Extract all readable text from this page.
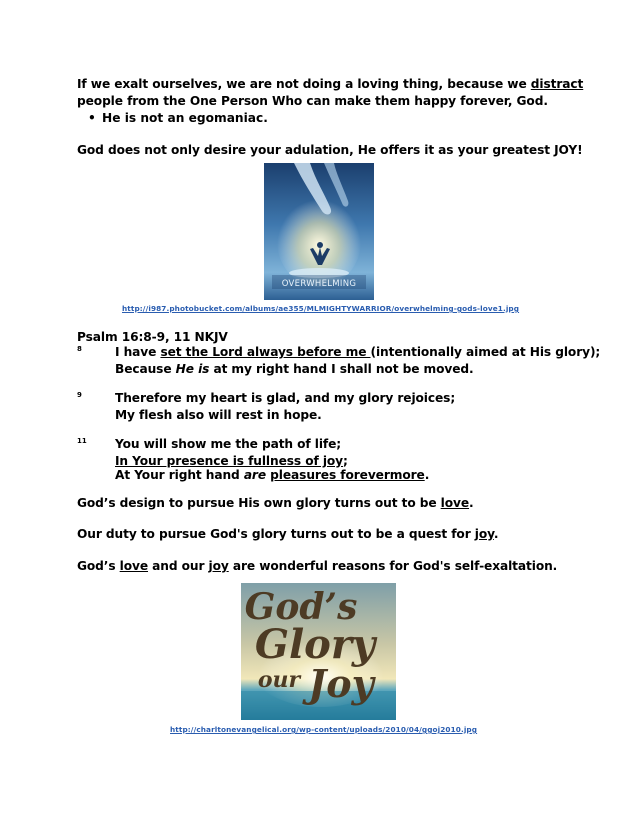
If we exalt ourselves, we are not doing a loving thing, because we distract
people from the One Person Who can make them happy forever, God.
• He is not an egomaniac.
God does not only desire your adulation, He offers it as your greatest JOY!
OVERWHELMING
http://i987.photobucket.com/albums/ae355/MLMIGHTYWARRIOR/overwhelming-gods-love1.jpg
Psalm 16:8-9, 11 NKJV
8	I have set the Lord always before me (intentionally aimed at His glory);
Because He is at my right hand I shall not be moved.
9	Therefore my heart is glad, and my glory rejoices;
My flesh also will rest in hope.
11 You will show me the path of life;
In Your presence is fullness of joy;
At Your right hand are pleasures forevermore.
God’s design to pursue His own glory turns out to be love.
Our duty to pursue God's glory turns out to be a quest for joy.
God’s love and our joy are wonderful reasons for God's self-exaltation.
God’s
Glory
our Joy
http://charltonevangelical.org/wp-content/uploads/2010/04/ggoj2010.jpg
